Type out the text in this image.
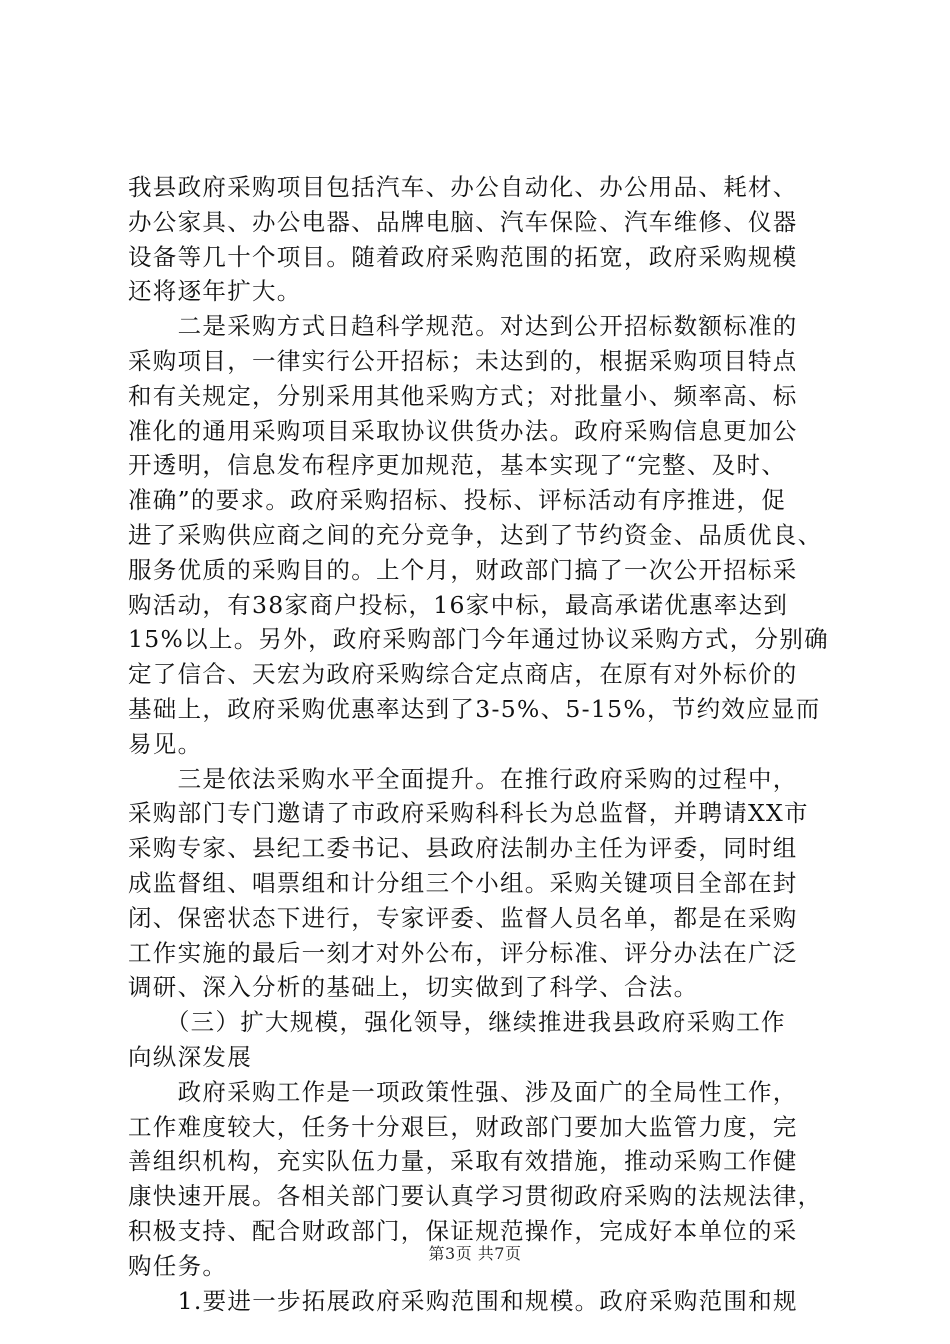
我县政府采购项目包括汽车、办公自动化、办公用品、耗材、
办公家具、办公电器、品牌电脑、汽车保险、汽车维修、仪器
设备等几十个项目。随着政府采购范围的拓宽，政府采购规模
还将逐年扩大。
　　二是采购方式日趋科学规范。对达到公开招标数额标准的
采购项目，一律实行公开招标；未达到的，根据采购项目特点
和有关规定，分别采用其他采购方式；对批量小、频率高、标
准化的通用采购项目采取协议供货办法。政府采购信息更加公
开透明，信息发布程序更加规范，基本实现了“完整、及时、
准确”的要求。政府采购招标、投标、评标活动有序推进，促
进了采购供应商之间的充分竞争，达到了节约资金、品质优良、
服务优质的采购目的。上个月，财政部门搞了一次公开招标采
购活动，有38家商户投标，16家中标，最高承诺优惠率达到
15%以上。另外，政府采购部门今年通过协议采购方式，分别确
定了信合、天宏为政府采购综合定点商店，在原有对外标价的
基础上，政府采购优惠率达到了3-5%、5-15%，节约效应显而
易见。
　　三是依法采购水平全面提升。在推行政府采购的过程中，
采购部门专门邀请了市政府采购科科长为总监督，并聘请XX市
采购专家、县纪工委书记、县政府法制办主任为评委，同时组
成监督组、唱票组和计分组三个小组。采购关键项目全部在封
闭、保密状态下进行，专家评委、监督人员名单，都是在采购
工作实施的最后一刻才对外公布，评分标准、评分办法在广泛
调研、深入分析的基础上，切实做到了科学、合法。
　　（三）扩大规模，强化领导，继续推进我县政府采购工作
向纵深发展
　　政府采购工作是一项政策性强、涉及面广的全局性工作，
工作难度较大，任务十分艰巨，财政部门要加大监管力度，完
善组织机构，充实队伍力量，采取有效措施，推动采购工作健
康快速开展。各相关部门要认真学习贯彻政府采购的法规法律，
积极支持、配合财政部门，保证规范操作，完成好本单位的采
购任务。
　　1.要进一步拓展政府采购范围和规模。政府采购范围和规
第3页 共7页
